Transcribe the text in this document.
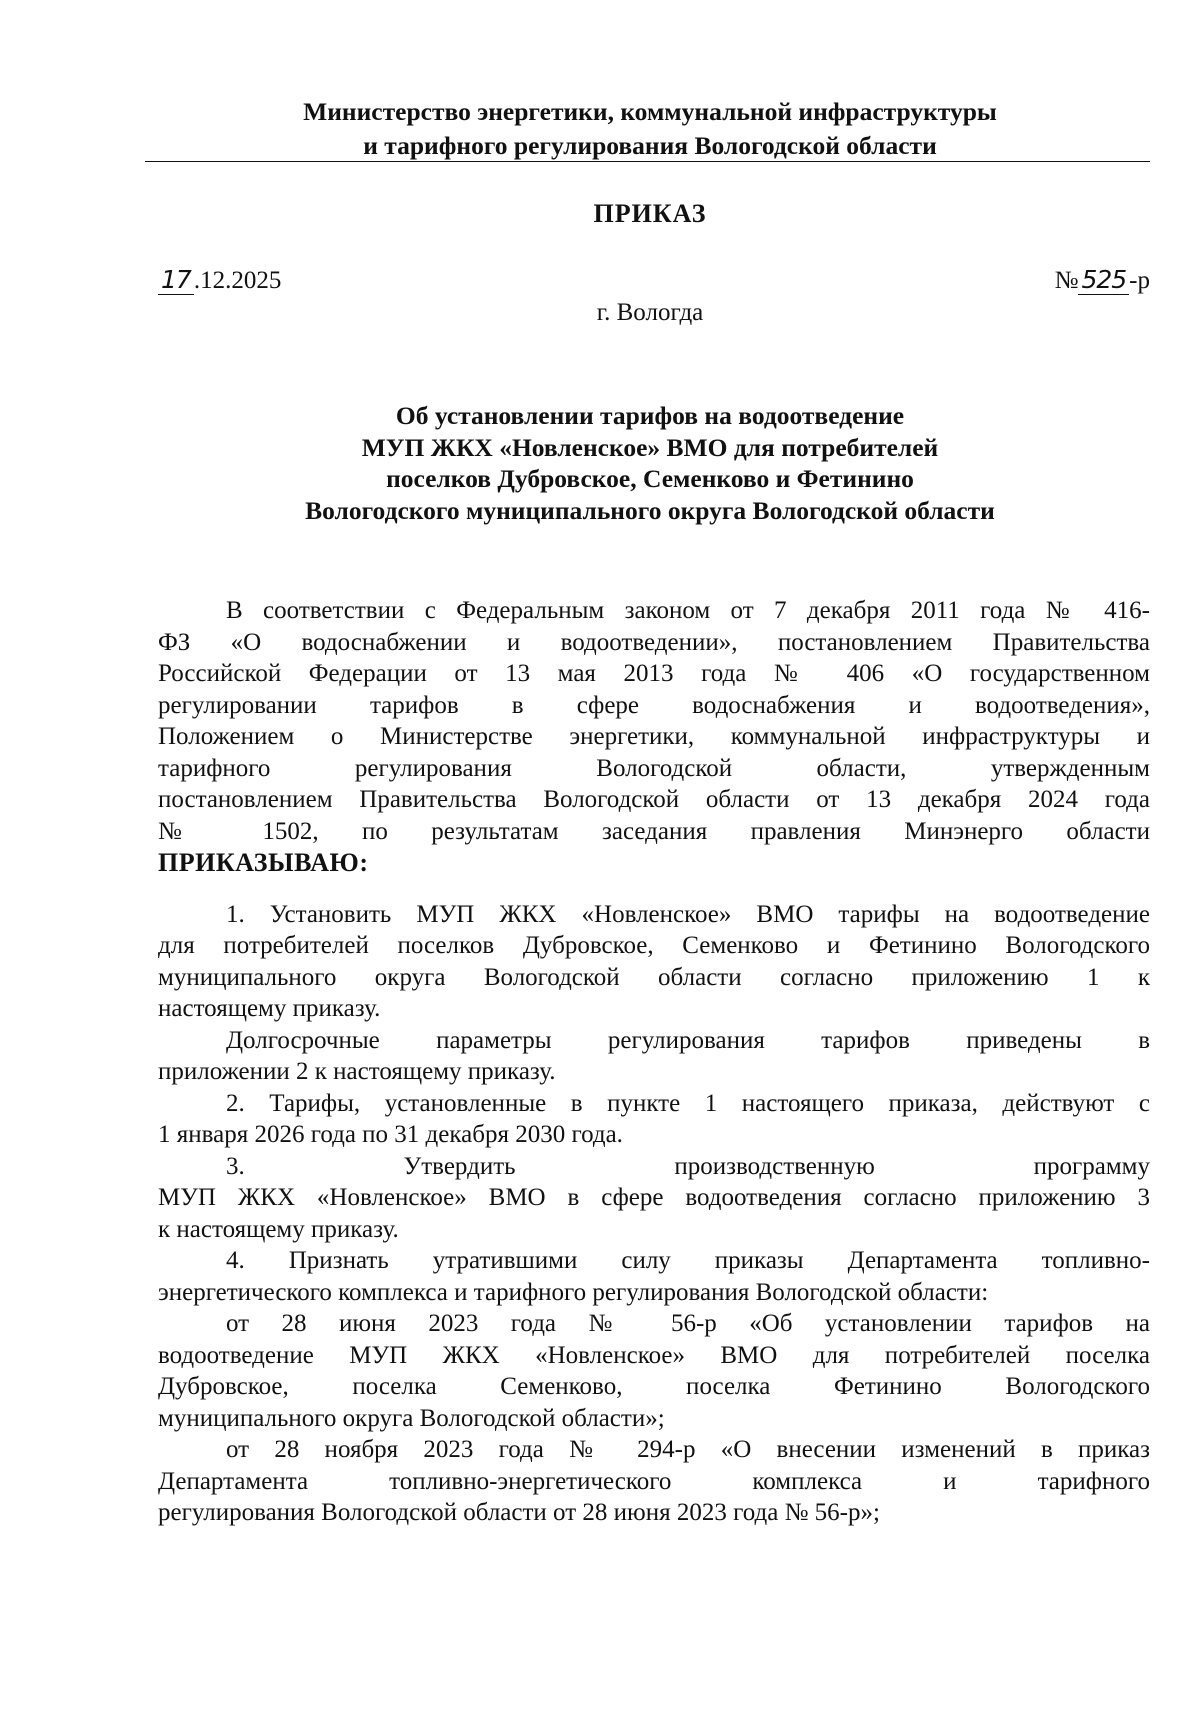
Министерство энергетики, коммунальной инфраструктуры
и тарифного регулирования Вологодской области
ПРИКАЗ
17 .12.2025	№ 525 -р
г. Вологда
Об установлении тарифов на водоотведение
МУП ЖКХ «Новленское» ВМО для потребителей
поселков Дубровское, Семенково и Фетинино
Вологодского муниципального округа Вологодской области
В соответствии с Федеральным законом от 7 декабря 2011 года № 416-
ФЗ «О водоснабжении и водоотведении», постановлением Правительства
Российской Федерации от 13 мая 2013 года № 406 «О государственном
регулировании тарифов в сфере водоснабжения и водоотведения»,
Положением о Министерстве энергетики, коммунальной инфраструктуры и
тарифного регулирования Вологодской области, утвержденным
постановлением Правительства Вологодской области от 13 декабря 2024 года
№ 1502, по результатам заседания правления Минэнерго области
ПРИКАЗЫВАЮ:
1. Установить МУП ЖКХ «Новленское» ВМО тарифы на водоотведение
для потребителей поселков Дубровское, Семенково и Фетинино Вологодского
муниципального округа Вологодской области согласно приложению 1 к
настоящему приказу.
Долгосрочные параметры регулирования тарифов приведены в
приложении 2 к настоящему приказу.
2. Тарифы, установленные в пункте 1 настоящего приказа, действуют с
1 января 2026 года по 31 декабря 2030 года.
3. Утвердить производственную программу
МУП ЖКХ «Новленское» ВМО в сфере водоотведения согласно приложению 3
к настоящему приказу.
4. Признать утратившими силу приказы Департамента топливно-
энергетического комплекса и тарифного регулирования Вологодской области:
от 28 июня 2023 года № 56-р «Об установлении тарифов на
водоотведение МУП ЖКХ «Новленское» ВМО для потребителей поселка
Дубровское, поселка Семенково, поселка Фетинино Вологодского
муниципального округа Вологодской области»;
от 28 ноября 2023 года № 294-р «О внесении изменений в приказ
Департамента топливно-энергетического комплекса и тарифного
регулирования Вологодской области от 28 июня 2023 года № 56-р»;
